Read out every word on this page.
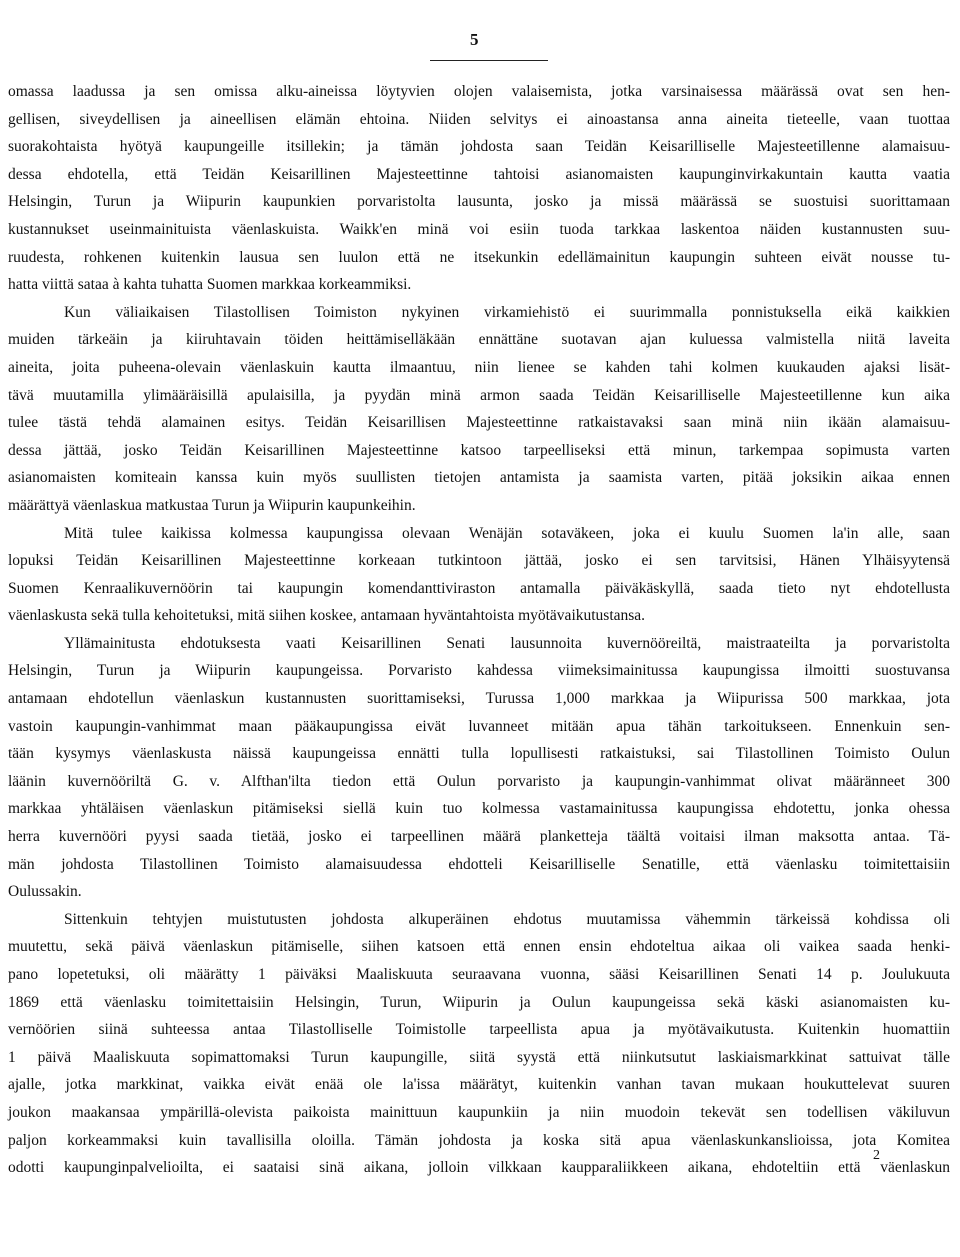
5
omassa laadussa ja sen omissa alku-aineissa löytyvien olojen valaisemista, jotka varsinaisessa määrässä ovat sen hen-
gellisen, siveydellisen ja aineellisen elämän ehtoina. Niiden selvitys ei ainoastansa anna aineita tieteelle, vaan tuottaa
suorakohtaista hyötyä kaupungeille itsillekin; ja tämän johdosta saan Teidän Keisarilliselle Majesteetillenne alamaisuu-
dessa ehdotella, että Teidän Keisarillinen Majesteettinne tahtoisi asianomaisten kaupunginvirkakuntain kautta vaatia
Helsingin, Turun ja Wiipurin kaupunkien porvaristolta lausunta, josko ja missä määrässä se suostuisi suorittamaan
kustannukset useinmainituista väenlaskuista. Waikk'en minä voi esiin tuoda tarkkaa laskentoa näiden kustannusten suu-
ruudesta, rohkenen kuitenkin lausua sen luulon että ne itsekunkin edellämainitun kaupungin suhteen eivät nousse tu-
hatta viittä sataa à kahta tuhatta Suomen markkaa korkeammiksi.
Kun väliaikaisen Tilastollisen Toimiston nykyinen virkamiehistö ei suurimmalla ponnistuksella eikä kaikkien
muiden tärkeäin ja kiiruhtavain töiden heittämiselläkään ennättäne suotavan ajan kuluessa valmistella niitä laveita
aineita, joita puheena-olevain väenlaskuin kautta ilmaantuu, niin lienee se kahden tahi kolmen kuukauden ajaksi lisät-
tävä muutamilla ylimääräisillä apulaisilla, ja pyydän minä armon saada Teidän Keisarilliselle Majesteetillenne kun aika
tulee tästä tehdä alamainen esitys. Teidän Keisarillisen Majesteettinne ratkaistavaksi saan minä niin ikään alamaisuu-
dessa jättää, josko Teidän Keisarillinen Majesteettinne katsoo tarpeelliseksi että minun, tarkempaa sopimusta varten
asianomaisten komiteain kanssa kuin myös suullisten tietojen antamista ja saamista varten, pitää joksikin aikaa ennen
määrättyä väenlaskua matkustaa Turun ja Wiipurin kaupunkeihin.
Mitä tulee kaikissa kolmessa kaupungissa olevaan Wenäjän sotaväkeen, joka ei kuulu Suomen la'in alle, saan
lopuksi Teidän Keisarillinen Majesteettinne korkeaan tutkintoon jättää, josko ei sen tarvitsisi, Hänen Ylhäisyytensä
Suomen Kenraalikuvernöörin tai kaupungin komendanttiviraston antamalla päiväkäskyllä, saada tieto nyt ehdotellusta
väenlaskusta sekä tulla kehoitetuksi, mitä siihen koskee, antamaan hyväntahtoista myötävaikutustansa.
Yllämainitusta ehdotuksesta vaati Keisarillinen Senati lausunnoita kuvernööreiltä, maistraateilta ja porvaristolta
Helsingin, Turun ja Wiipurin kaupungeissa. Porvaristo kahdessa viimeksimainitussa kaupungissa ilmoitti suostuvansa
antamaan ehdotellun väenlaskun kustannusten suorittamiseksi, Turussa 1,000 markkaa ja Wiipurissa 500 markkaa, jota
vastoin kaupungin-vanhimmat maan pääkaupungissa eivät luvanneet mitään apua tähän tarkoitukseen. Ennenkuin sen-
tään kysymys väenlaskusta näissä kaupungeissa ennätti tulla lopullisesti ratkaistuksi, sai Tilastollinen Toimisto Oulun
läänin kuvernööriltä G. v. Alfthan'ilta tiedon että Oulun porvaristo ja kaupungin-vanhimmat olivat määränneet 300
markkaa yhtäläisen väenlaskun pitämiseksi siellä kuin tuo kolmessa vastamainitussa kaupungissa ehdotettu, jonka ohessa
herra kuvernööri pyysi saada tietää, josko ei tarpeellinen määrä planketteja täältä voitaisi ilman maksotta antaa. Tä-
män johdosta Tilastollinen Toimisto alamaisuudessa ehdotteli Keisarilliselle Senatille, että väenlasku toimitettaisiin
Oulussakin.
Sittenkuin tehtyjen muistutusten johdosta alkuperäinen ehdotus muutamissa vähemmin tärkeissä kohdissa oli
muutettu, sekä päivä väenlaskun pitämiselle, siihen katsoen että ennen ensin ehdoteltua aikaa oli vaikea saada henki-
pano lopetetuksi, oli määrätty 1 päiväksi Maaliskuuta seuraavana vuonna, sääsi Keisarillinen Senati 14 p. Joulukuuta
1869 että väenlasku toimitettaisiin Helsingin, Turun, Wiipurin ja Oulun kaupungeissa sekä käski asianomaisten ku-
vernöörien siinä suhteessa antaa Tilastolliselle Toimistolle tarpeellista apua ja myötävaikutusta. Kuitenkin huomattiin
1 päivä Maaliskuuta sopimattomaksi Turun kaupungille, siitä syystä että niinkutsutut laskiaismarkkinat sattuivat tälle
ajalle, jotka markkinat, vaikka eivät enää ole la'issa määrätyt, kuitenkin vanhan tavan mukaan houkuttelevat suuren
joukon maakansaa ympärillä-olevista paikoista mainittuun kaupunkiin ja niin muodoin tekevät sen todellisen väkiluvun
paljon korkeammaksi kuin tavallisilla oloilla. Tämän johdosta ja koska sitä apua väenlaskunkanslioissa, jota Komitea
odotti kaupunginpalvelioilta, ei saataisi sinä aikana, jolloin vilkkaan kaupparaliikkeen aikana, ehdoteltiin että väenlaskun
2
